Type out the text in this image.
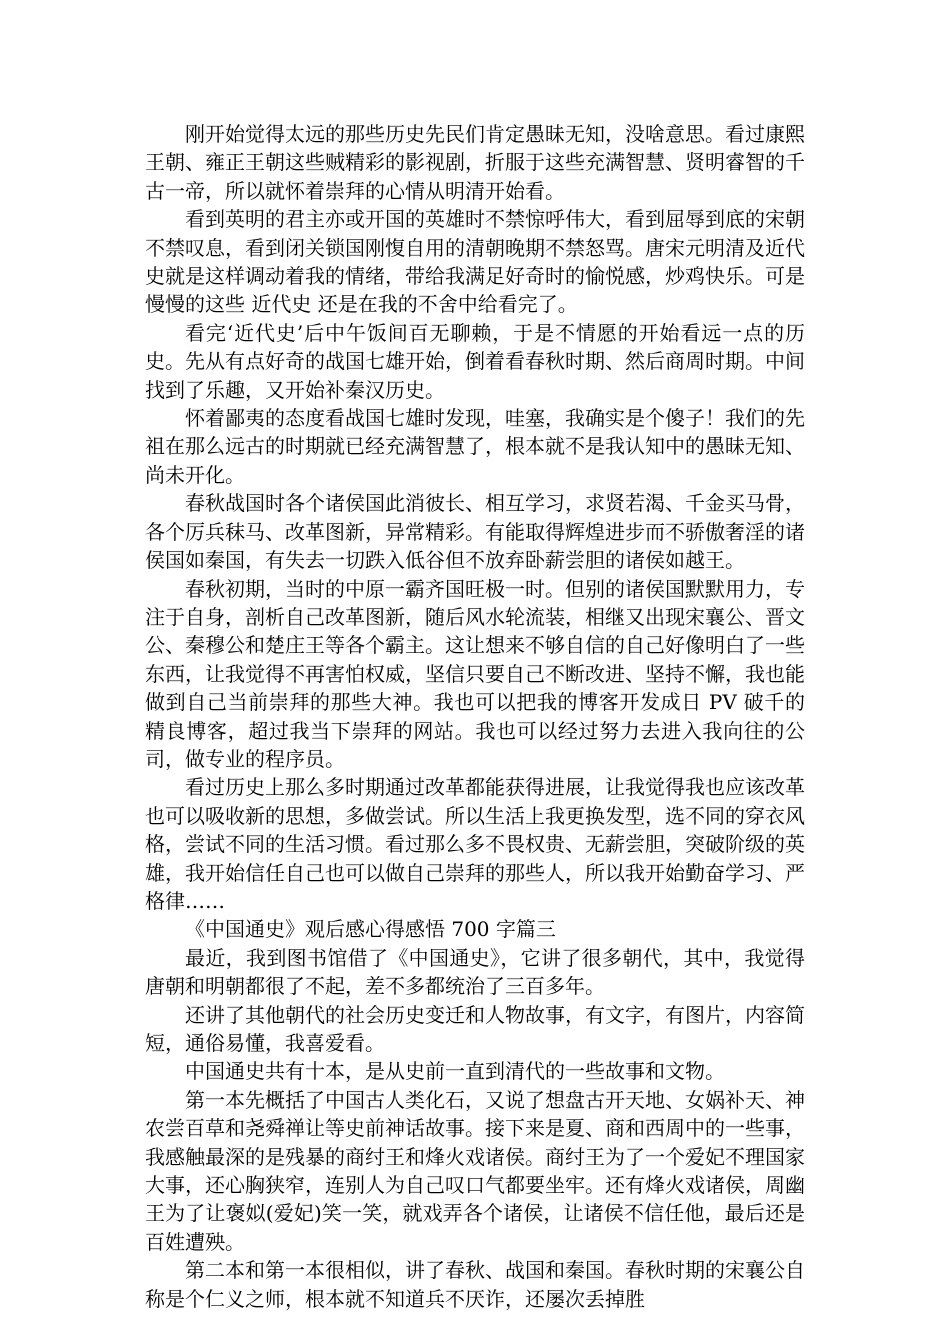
刚开始觉得太远的那些历史先民们肯定愚昧无知，没啥意思。看过康熙王朝、雍正王朝这些贼精彩的影视剧，折服于这些充满智慧、贤明睿智的千古一帝，所以就怀着崇拜的心情从明清开始看。

看到英明的君主亦或开国的英雄时不禁惊呼伟大，看到屈辱到底的宋朝不禁叹息，看到闭关锁国刚愎自用的清朝晚期不禁怒骂。唐宋元明清及近代史就是这样调动着我的情绪，带给我满足好奇时的愉悦感，炒鸡快乐。可是慢慢的这些 近代史 还是在我的不舍中给看完了。

看完‘近代史’后中午饭间百无聊赖，于是不情愿的开始看远一点的历史。先从有点好奇的战国七雄开始，倒着看春秋时期、然后商周时期。中间找到了乐趣，又开始补秦汉历史。

怀着鄙夷的态度看战国七雄时发现，哇塞，我确实是个傻子！我们的先祖在那么远古的时期就已经充满智慧了，根本就不是我认知中的愚昧无知、尚未开化。

春秋战国时各个诸侯国此消彼长、相互学习，求贤若渴、千金买马骨，各个厉兵秣马、改革图新，异常精彩。有能取得辉煌进步而不骄傲奢淫的诸侯国如秦国，有失去一切跌入低谷但不放弃卧薪尝胆的诸侯如越王。

春秋初期，当时的中原一霸齐国旺极一时。但别的诸侯国默默用力，专注于自身，剖析自己改革图新，随后风水轮流装，相继又出现宋襄公、晋文公、秦穆公和楚庄王等各个霸主。这让想来不够自信的自己好像明白了一些东西，让我觉得不再害怕权威，坚信只要自己不断改进、坚持不懈，我也能做到自己当前崇拜的那些大神。我也可以把我的博客开发成日 PV 破千的精良博客，超过我当下崇拜的网站。我也可以经过努力去进入我向往的公司，做专业的程序员。

看过历史上那么多时期通过改革都能获得进展，让我觉得我也应该改革也可以吸收新的思想，多做尝试。所以生活上我更换发型，选不同的穿衣风格，尝试不同的生活习惯。看过那么多不畏权贵、无薪尝胆，突破阶级的英雄，我开始信任自己也可以做自己崇拜的那些人，所以我开始勤奋学习、严格律……

《中国通史》观后感心得感悟 700 字篇三

最近，我到图书馆借了《中国通史》，它讲了很多朝代，其中，我觉得唐朝和明朝都很了不起，差不多都统治了三百多年。

还讲了其他朝代的社会历史变迁和人物故事，有文字，有图片，内容简短，通俗易懂，我喜爱看。

中国通史共有十本，是从史前一直到清代的一些故事和文物。

第一本先概括了中国古人类化石，又说了想盘古开天地、女娲补天、神农尝百草和尧舜禅让等史前神话故事。接下来是夏、商和西周中的一些事，我感触最深的是残暴的商纣王和烽火戏诸侯。商纣王为了一个爱妃不理国家大事，还心胸狭窄，连别人为自己叹口气都要坐牢。还有烽火戏诸侯，周幽王为了让褒姒(爱妃)笑一笑，就戏弄各个诸侯，让诸侯不信任他，最后还是百姓遭殃。

第二本和第一本很相似，讲了春秋、战国和秦国。春秋时期的宋襄公自称是个仁义之师，根本就不知道兵不厌诈，还屡次丢掉胜
